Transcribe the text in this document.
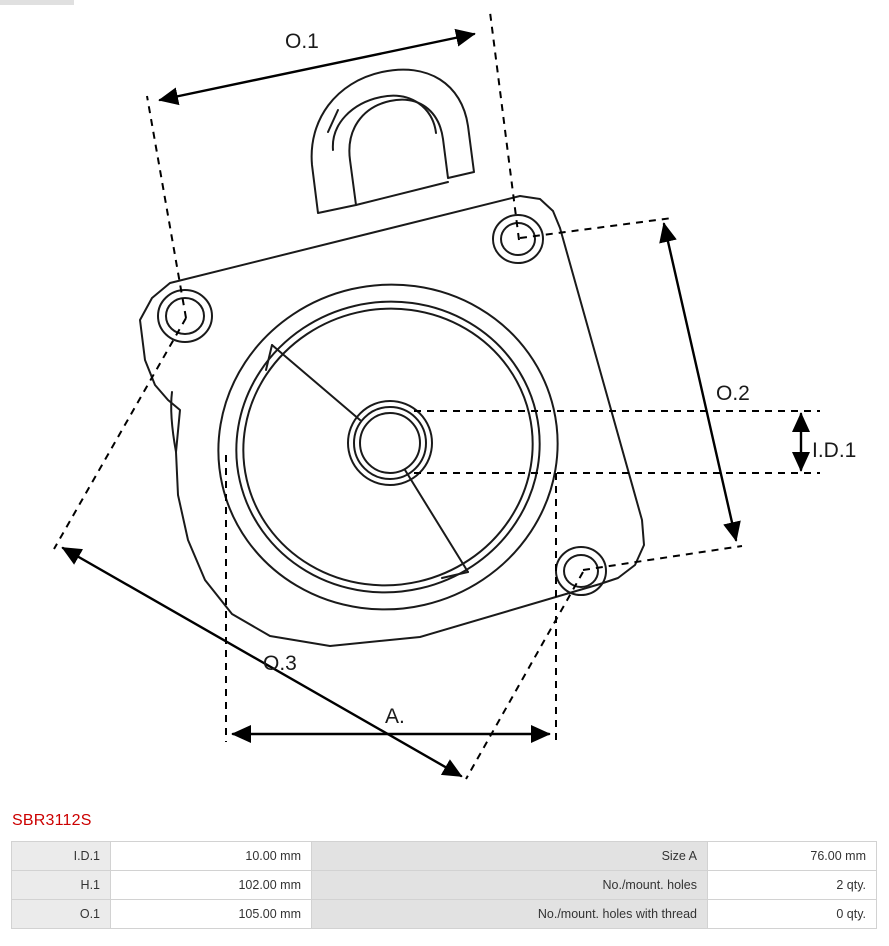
O.1
O.2
O.3
I.D.1
A.
SBR3112S
I.D.1	10.00 mm	Size A	76.00 mm
H.1	102.00 mm	No./mount. holes	2 qty.
O.1	105.00 mm	No./mount. holes with thread	0 qty.
